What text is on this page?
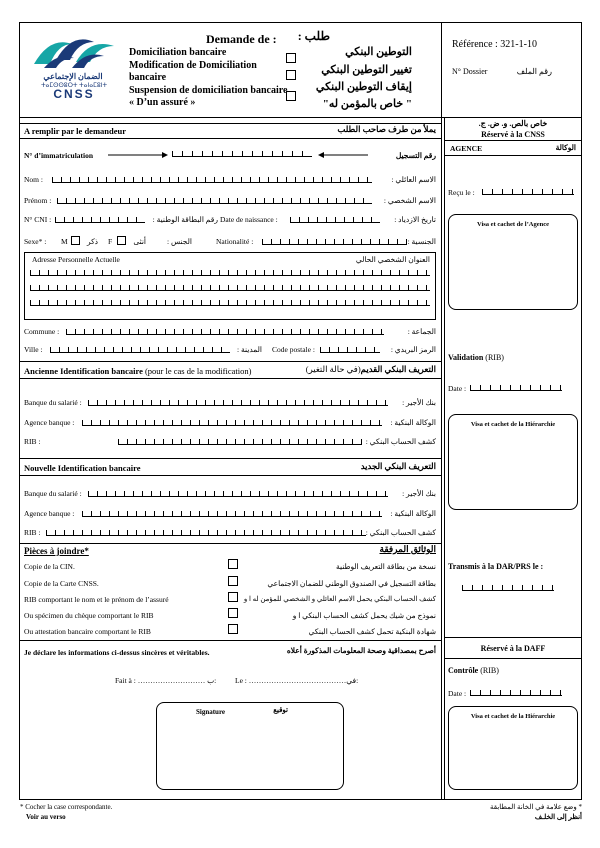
الضمان الإجتماعي
ⵜⴰⵎⵙⵙⵓⵔⵜ ⵜⴰⵏⴰⵎⵓⵏⵜ
CNSS
Demande de :	طلب :
Domiciliation bancaire
Modification de Domiciliation bancaire
Suspension de domiciliation bancaire « D’un assuré »
التوطين البنكي
تغيير التوطين البنكي
إيقاف التوطين البنكي
" خاص بالمؤمن له"
Référence : 321-1-10
N° Dossier	رقم الملف
A remplir par le demandeur	يملأ من طرف صاحب الطلب
N° d’immatriculation	رقم التسجيل
Nom :	الاسم العائلي :
Prénom :	الاسم الشخصي :
N° CNI :	رقم البطاقة الوطنية : Date de naissance :	تاريخ الازدياد :
Sexe* : M	ذكر F	أنثى	الجنس :	Nationalité :	الجنسية :
Adresse Personnelle Actuelle	العنوان الشخصي الحالي
Commune :	الجماعة :
Ville :	المدينة : Code postale :	الرمز البريدي :
Ancienne Identification bancaire (pour le cas de la modification)	التعريف البنكي القديم(في حالة التغير)
Banque du salarié :	بنك الأجير :
Agence banque :	الوكالة البنكية :
RIB :	كشف الحساب البنكي :
Nouvelle Identification bancaire	التعريف البنكي الجديد
Banque du salarié :	بنك الأجير :
Agence banque :	الوكالة البنكية :
RIB :	كشف الحساب البنكي :
Pièces à joindre*	الوثائق المرفقة
Copie de la CIN.	نسخة من بطاقة التعريف الوطنية
Copie de la Carte CNSS.	بطاقة التسجيل في الصندوق الوطني للضمان الاجتماعي
RIB comportant le nom et le prénom de l’assuré	كشف الحساب البنكي يحمل الاسم العائلي و الشخصي للمؤمن له ا و
Ou spécimen du chèque comportant le RIB	نموذج من شيك يحمل كشف الحساب البنكي ا و
Ou attestation bancaire comportant le RIB	شهادة البنكية تحمل كشف الحساب البنكي
Je déclare les informations ci-dessus sincères et véritables.	أصرح بمصداقية وصحة المعلومات المذكورة أعلاه
Fait à : ……………………… ب:	Le : …………………………………في:
Signature	توقيع
خاص بالص. و. ض. ج.
Réservé à la CNSS
AGENCE	الوكالة
Reçu le :
Visa et cachet de l’Agence
Validation (RIB)
Date :
Visa et cachet de la Hiérarchie
Transmis à la DAR/PRS le :
Réservé à la DAFF
Contrôle (RIB)
Date :
Visa et cachet de la Hiérarchie
* Cocher la case correspondante.
Voir au verso
* وضع علامة في الخانة المطابقة
أنظر إلى الخلـف
